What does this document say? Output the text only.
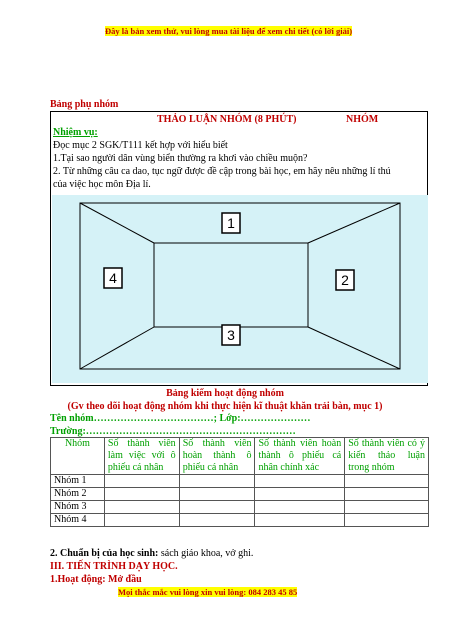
Đây là bản xem thử, vui lòng mua tài liệu để xem chi tiết (có lời giải)
Bảng phụ nhóm
THẢO LUẬN NHÓM (8 PHÚT)	NHÓM
Nhiệm vụ:
Đọc mục 2 SGK/T111 kết hợp với hiểu biết
1.Tại sao người dân vùng biển thường ra khơi vào chiều muộn?
2. Từ những câu ca dao, tục ngữ được đề cập trong bài học, em hãy nêu những lí thú
của việc học môn Địa lí.
1
2
3
4
Bảng kiểm hoạt động nhóm
(Gv theo dõi hoạt động nhóm khi thực hiện kĩ thuật khăn trải bàn, mục 1)
Tên nhóm………………………………; Lớp:…………………
Trường:………………………………………………………
Nhóm	Số thành viên làm việc với ô phiếu cá nhân	Số thành viên hoàn thành ô phiếu cá nhân	Số thành viên hoàn thành ô phiếu cá nhân chính xác	Số thành viên có ý kiến thảo luận trong nhóm
Nhóm 1				
Nhóm 2				
Nhóm 3				
Nhóm 4				
2. Chuẩn bị của học sinh: sách giáo khoa, vở ghi.
III. TIẾN TRÌNH DẠY HỌC.
1.Hoạt động: Mở đầu
Mọi thắc mắc vui lòng xin vui lòng: 084 283 45 85
